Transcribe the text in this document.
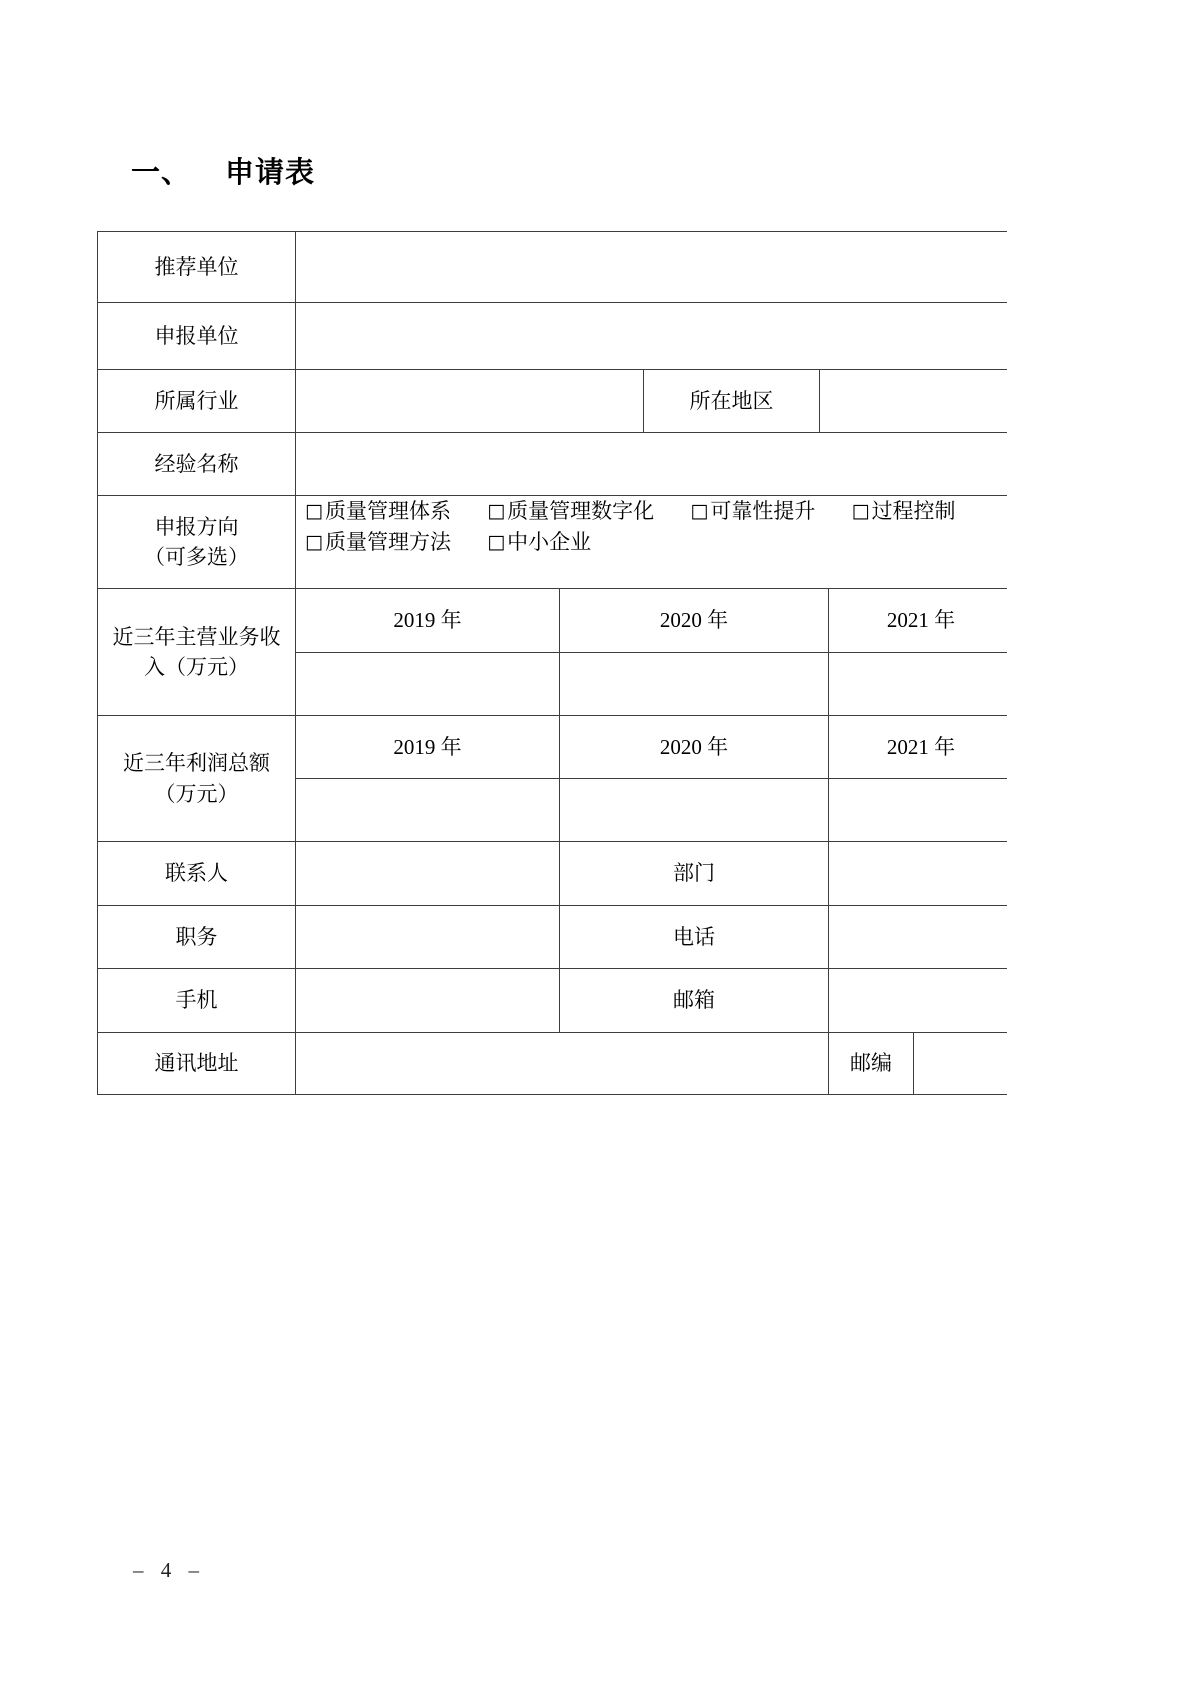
一、 申请表
推荐单位
申报单位
所属行业	所在地区
经验名称
申报方向
（可多选）
□质量管理体系 □质量管理数字化 □可靠性提升 □过程控制
□质量管理方法 □中小企业
近三年主营业务收入（万元）
2019 年	2020 年	2021 年
近三年利润总额（万元）
2019 年	2020 年	2021 年
联系人	部门
职务	电话
手机	邮箱
通讯地址	邮编
– 4 –
